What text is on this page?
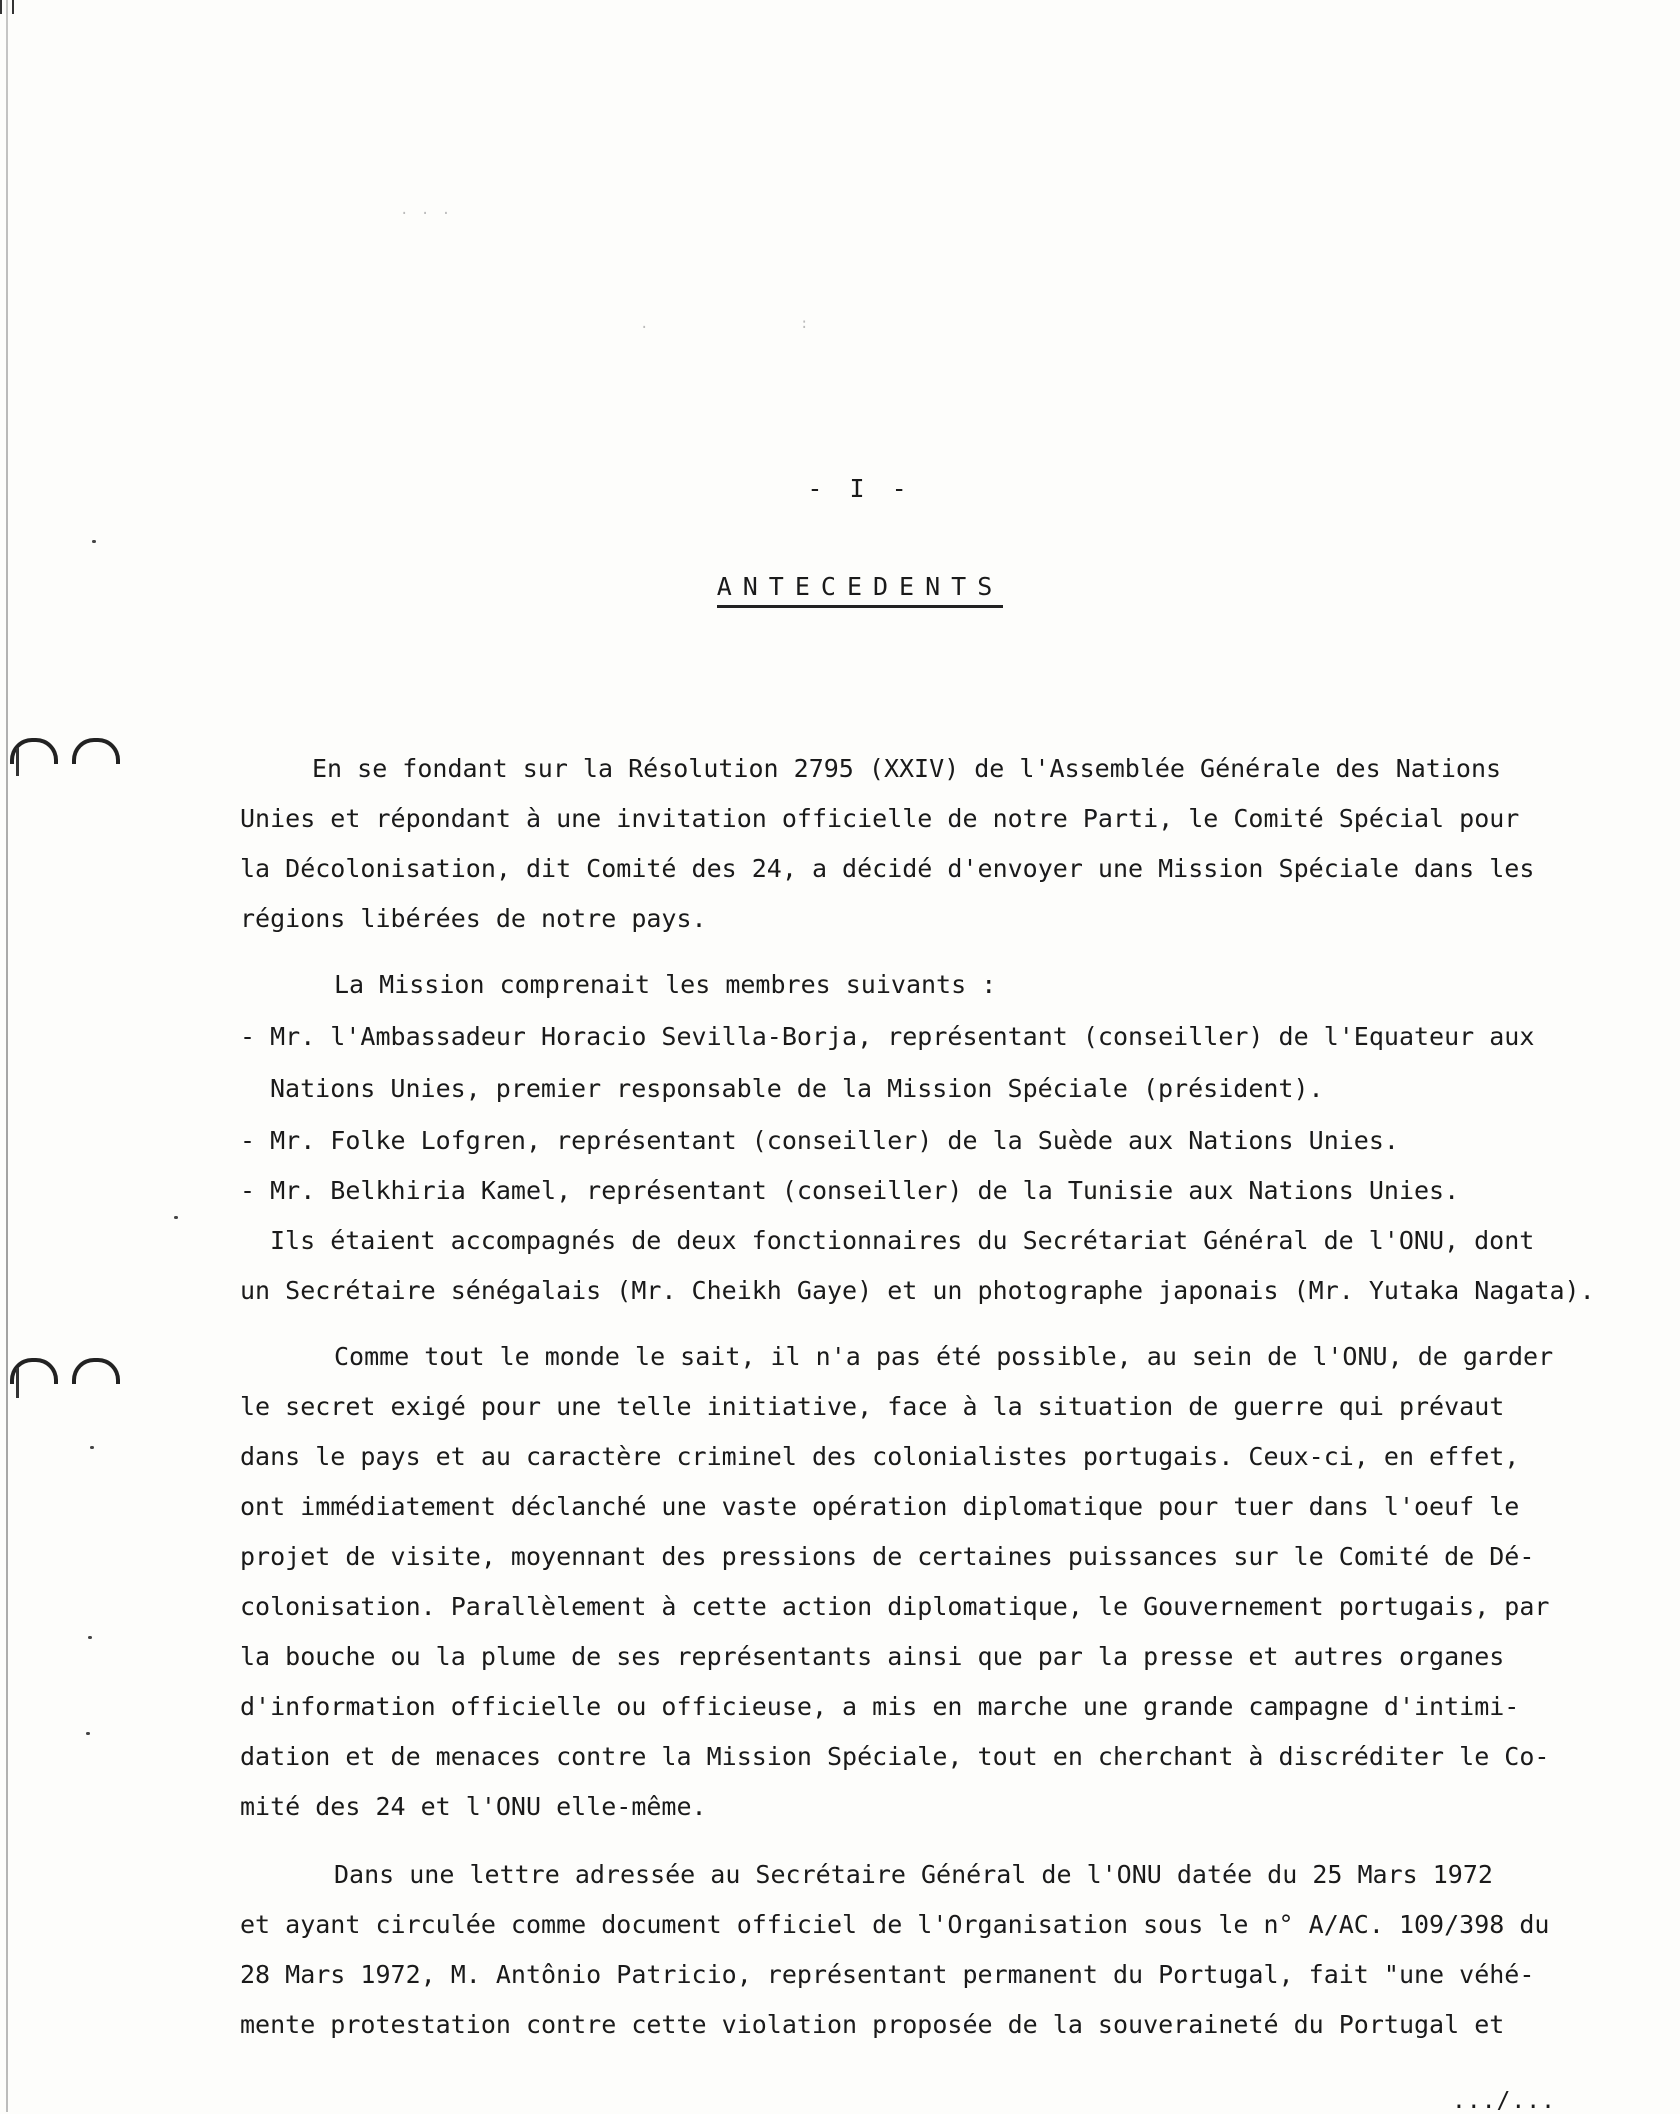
. . .
.	:
- I -
ANTECEDENTS
En se fondant sur la Résolution 2795 (XXIV) de l'Assemblée Générale des Nations
Unies et répondant à une invitation officielle de notre Parti, le Comité Spécial pour
la Décolonisation, dit Comité des 24, a décidé d'envoyer une Mission Spéciale dans les
régions libérées de notre pays.
La Mission comprenait les membres suivants :
- Mr. l'Ambassadeur Horacio Sevilla-Borja, représentant (conseiller) de l'Equateur aux
Nations Unies, premier responsable de la Mission Spéciale (président).
- Mr. Folke Lofgren, représentant (conseiller) de la Suède aux Nations Unies.
- Mr. Belkhiria Kamel, représentant (conseiller) de la Tunisie aux Nations Unies.
Ils étaient accompagnés de deux fonctionnaires du Secrétariat Général de l'ONU, dont
un Secrétaire sénégalais (Mr. Cheikh Gaye) et un photographe japonais (Mr. Yutaka Nagata).
Comme tout le monde le sait, il n'a pas été possible, au sein de l'ONU, de garder
le secret exigé pour une telle initiative, face à la situation de guerre qui prévaut
dans le pays et au caractère criminel des colonialistes portugais. Ceux-ci, en effet,
ont immédiatement déclanché une vaste opération diplomatique pour tuer dans l'oeuf le
projet de visite, moyennant des pressions de certaines puissances sur le Comité de Dé-
colonisation. Parallèlement à cette action diplomatique, le Gouvernement portugais, par
la bouche ou la plume de ses représentants ainsi que par la presse et autres organes
d'information officielle ou officieuse, a mis en marche une grande campagne d'intimi-
dation et de menaces contre la Mission Spéciale, tout en cherchant à discréditer le Co-
mité des 24 et l'ONU elle-même.
Dans une lettre adressée au Secrétaire Général de l'ONU datée du 25 Mars 1972
et ayant circulée comme document officiel de l'Organisation sous le n° A/AC. 109/398 du
28 Mars 1972, M. Antônio Patricio, représentant permanent du Portugal, fait "une véhé-
mente protestation contre cette violation proposée de la souveraineté du Portugal et
.../...
